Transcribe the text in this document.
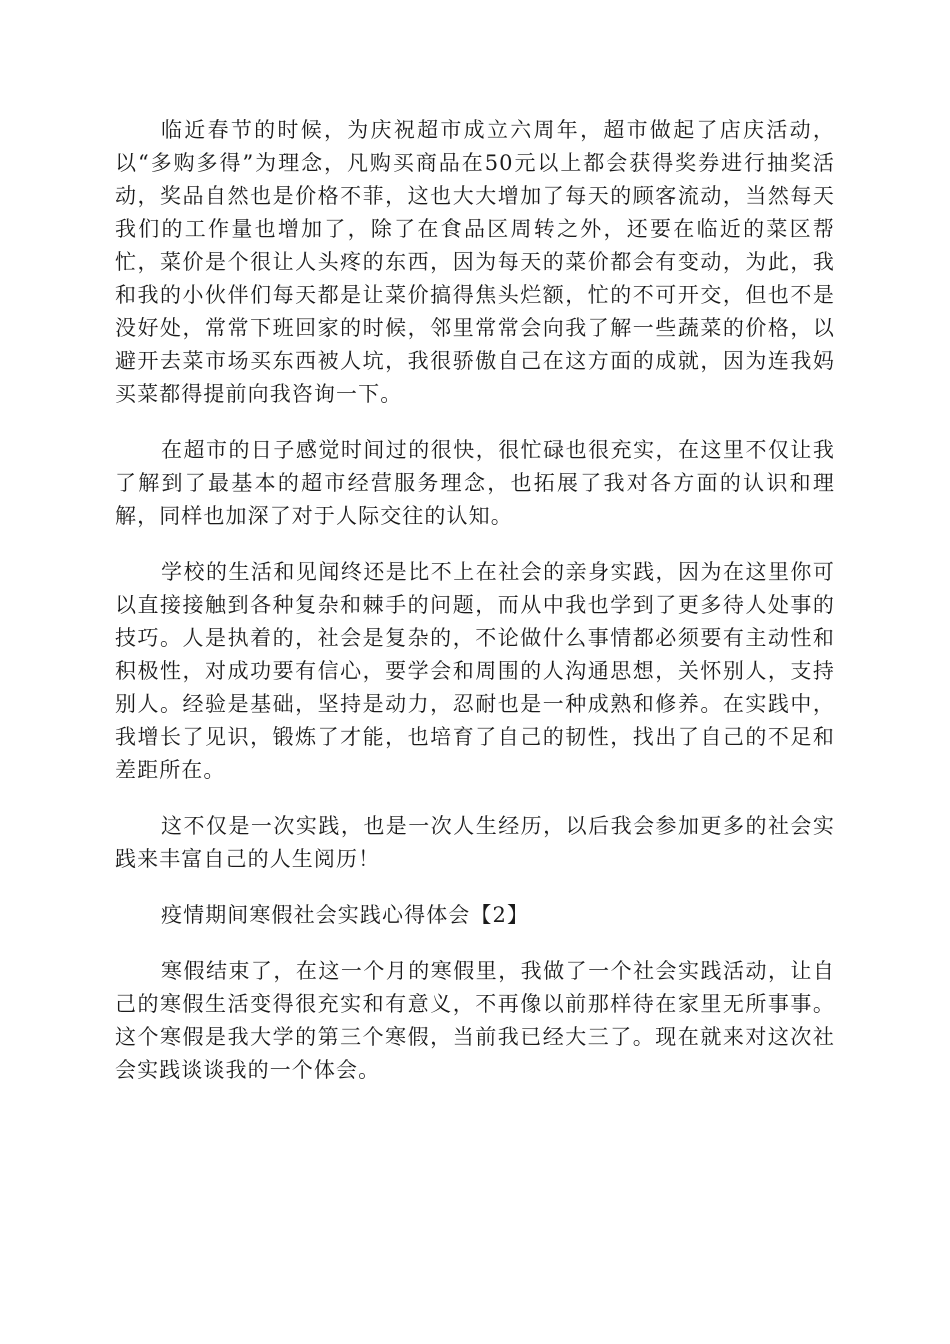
临近春节的时候，为庆祝超市成立六周年，超市做起了店庆活动，以“多购多得”为理念，凡购买商品在50元以上都会获得奖券进行抽奖活动，奖品自然也是价格不菲，这也大大增加了每天的顾客流动，当然每天我们的工作量也增加了，除了在食品区周转之外，还要在临近的菜区帮忙，菜价是个很让人头疼的东西，因为每天的菜价都会有变动，为此，我和我的小伙伴们每天都是让菜价搞得焦头烂额，忙的不可开交，但也不是没好处，常常下班回家的时候，邻里常常会向我了解一些蔬菜的价格，以避开去菜市场买东西被人坑，我很骄傲自己在这方面的成就，因为连我妈买菜都得提前向我咨询一下。

在超市的日子感觉时间过的很快，很忙碌也很充实，在这里不仅让我了解到了最基本的超市经营服务理念，也拓展了我对各方面的认识和理解，同样也加深了对于人际交往的认知。

学校的生活和见闻终还是比不上在社会的亲身实践，因为在这里你可以直接接触到各种复杂和棘手的问题，而从中我也学到了更多待人处事的技巧。人是执着的，社会是复杂的，不论做什么事情都必须要有主动性和积极性，对成功要有信心，要学会和周围的人沟通思想，关怀别人，支持别人。经验是基础，坚持是动力，忍耐也是一种成熟和修养。在实践中，我增长了见识，锻炼了才能，也培育了自己的韧性，找出了自己的不足和差距所在。

这不仅是一次实践，也是一次人生经历，以后我会参加更多的社会实践来丰富自己的人生阅历！

疫情期间寒假社会实践心得体会【2】

寒假结束了，在这一个月的寒假里，我做了一个社会实践活动，让自己的寒假生活变得很充实和有意义，不再像以前那样待在家里无所事事。这个寒假是我大学的第三个寒假，当前我已经大三了。现在就来对这次社会实践谈谈我的一个体会。
